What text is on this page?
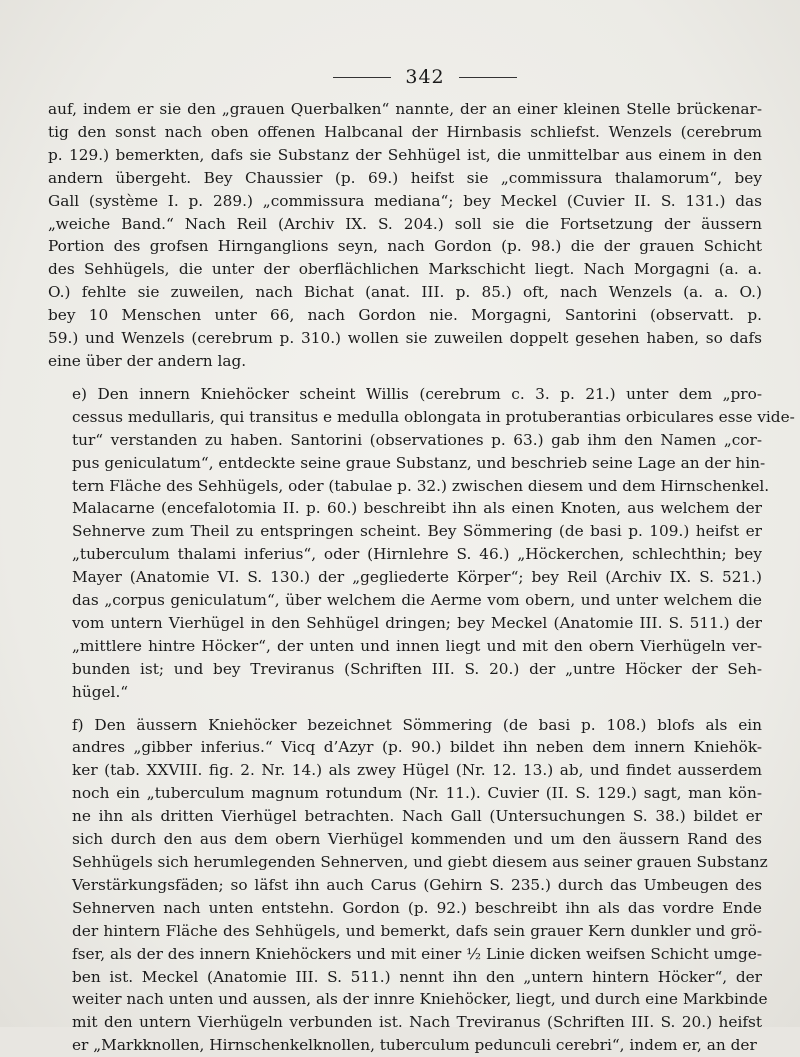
342
auf, indem er sie den „grauen Querbalken“ nannte, der an einer kleinen Stelle brückenar-
tig den sonst nach oben offenen Halbcanal der Hirnbasis schliefst. Wenzels (cerebrum
p. 129.) bemerkten, dafs sie Substanz der Sehhügel ist, die unmittelbar aus einem in den
andern übergeht. Bey Chaussier (p. 69.) heifst sie „commissura thalamorum“, bey
Gall (système I. p. 289.) „commissura mediana“; bey Meckel (Cuvier II. S. 131.) das
„weiche Band.“ Nach Reil (Archiv IX. S. 204.) soll sie die Fortsetzung der äussern
Portion des grofsen Hirnganglions seyn, nach Gordon (p. 98.) die der grauen Schicht
des Sehhügels, die unter der oberflächlichen Markschicht liegt. Nach Morgagni (a. a.
O.) fehlte sie zuweilen, nach Bichat (anat. III. p. 85.) oft, nach Wenzels (a. a. O.)
bey 10 Menschen unter 66, nach Gordon nie. Morgagni, Santorini (observatt. p.
59.) und Wenzels (cerebrum p. 310.) wollen sie zuweilen doppelt gesehen haben, so dafs
eine über der andern lag.
e) Den innern Kniehöcker scheint Willis (cerebrum c. 3. p. 21.) unter dem „pro-
cessus medullaris, qui transitus e medulla oblongata in protuberantias orbiculares esse vide-
tur“ verstanden zu haben. Santorini (observationes p. 63.) gab ihm den Namen „cor-
pus geniculatum“, entdeckte seine graue Substanz, und beschrieb seine Lage an der hin-
tern Fläche des Sehhügels, oder (tabulae p. 32.) zwischen diesem und dem Hirnschenkel.
Malacarne (encefalotomia II. p. 60.) beschreibt ihn als einen Knoten, aus welchem der
Sehnerve zum Theil zu entspringen scheint. Bey Sömmering (de basi p. 109.) heifst er
„tuberculum thalami inferius“, oder (Hirnlehre S. 46.) „Höckerchen, schlechthin; bey
Mayer (Anatomie VI. S. 130.) der „gegliederte Körper“; bey Reil (Archiv IX. S. 521.)
das „corpus geniculatum“, über welchem die Aerme vom obern, und unter welchem die
vom untern Vierhügel in den Sehhügel dringen; bey Meckel (Anatomie III. S. 511.) der
„mittlere hintre Höcker“, der unten und innen liegt und mit den obern Vierhügeln ver-
bunden ist; und bey Treviranus (Schriften III. S. 20.) der „untre Höcker der Seh-
hügel.“
f) Den äussern Kniehöcker bezeichnet Sömmering (de basi p. 108.) blofs als ein
andres „gibber inferius.“ Vicq d’Azyr (p. 90.) bildet ihn neben dem innern Kniehök-
ker (tab. XXVIII. fig. 2. Nr. 14.) als zwey Hügel (Nr. 12. 13.) ab, und findet ausserdem
noch ein „tuberculum magnum rotundum (Nr. 11.). Cuvier (II. S. 129.) sagt, man kön-
ne ihn als dritten Vierhügel betrachten. Nach Gall (Untersuchungen S. 38.) bildet er
sich durch den aus dem obern Vierhügel kommenden und um den äussern Rand des
Sehhügels sich herumlegenden Sehnerven, und giebt diesem aus seiner grauen Substanz
Verstärkungsfäden; so läfst ihn auch Carus (Gehirn S. 235.) durch das Umbeugen des
Sehnerven nach unten entstehn. Gordon (p. 92.) beschreibt ihn als das vordre Ende
der hintern Fläche des Sehhügels, und bemerkt, dafs sein grauer Kern dunkler und grö-
fser, als der des innern Kniehöckers und mit einer ½ Linie dicken weifsen Schicht umge-
ben ist. Meckel (Anatomie III. S. 511.) nennt ihn den „untern hintern Höcker“, der
weiter nach unten und aussen, als der innre Kniehöcker, liegt, und durch eine Markbinde
mit den untern Vierhügeln verbunden ist. Nach Treviranus (Schriften III. S. 20.) heifst
er „Markknollen, Hirnschenkelknollen, tuberculum pedunculi cerebri“, indem er, an der
